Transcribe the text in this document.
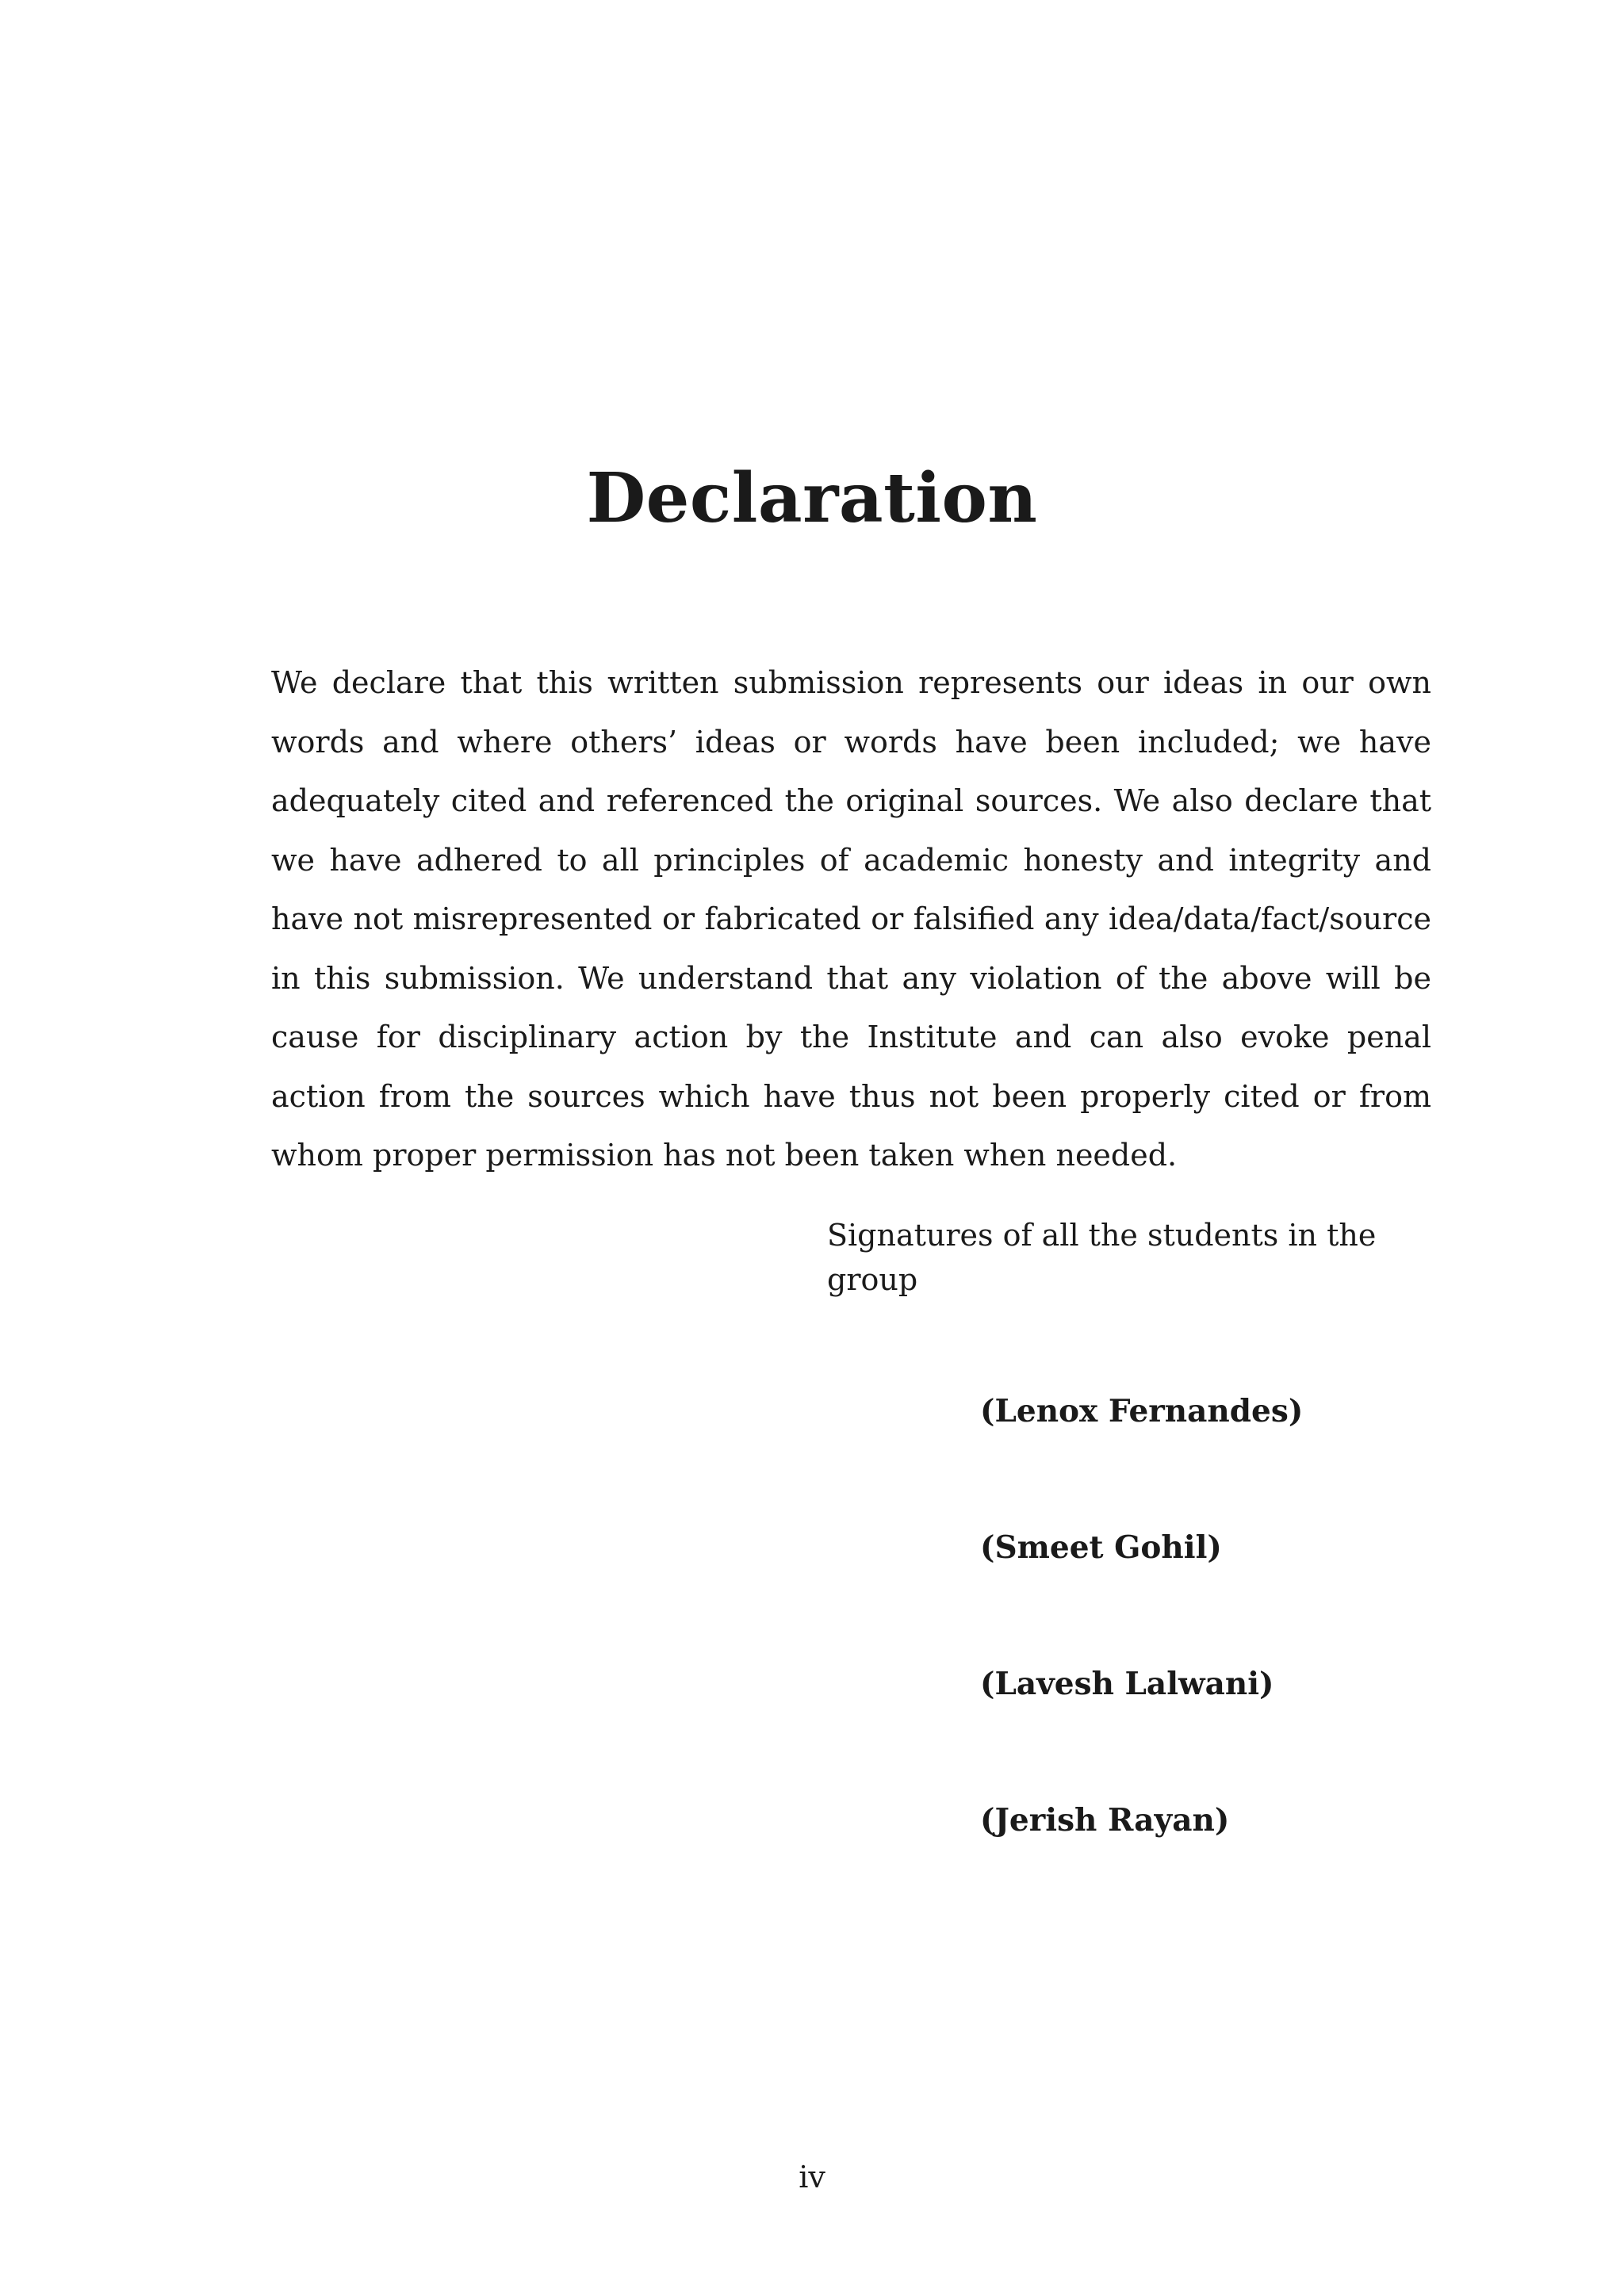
Declaration

We declare that this written submission represents our ideas in our own words and where others’ ideas or words have been included; we have adequately cited and referenced the original sources. We also declare that we have adhered to all principles of academic honesty and integrity and have not misrepresented or fabricated or falsified any idea/data/fact/source in this submission. We understand that any violation of the above will be cause for disciplinary action by the Institute and can also evoke penal action from the sources which have thus not been properly cited or from whom proper permission has not been taken when needed.

Signatures of all the students in the group
(Lenox Fernandes)
(Smeet Gohil)
(Lavesh Lalwani)
(Jerish Rayan)
iv
